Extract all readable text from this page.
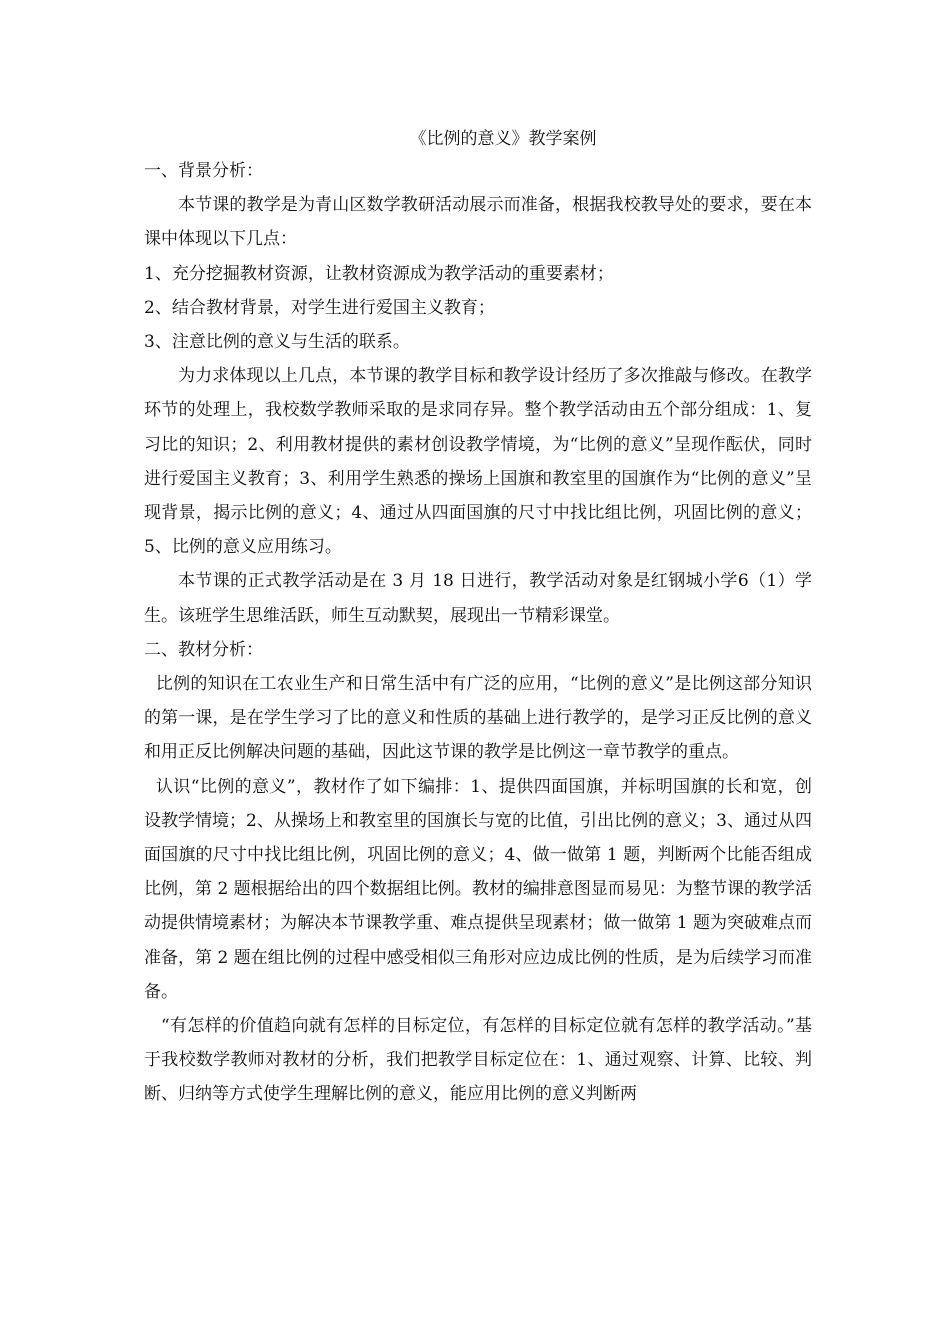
《比例的意义》教学案例

一、背景分析：

本节课的教学是为青山区数学教研活动展示而准备，根据我校教导处的要求，要在本课中体现以下几点：

1、充分挖掘教材资源，让教材资源成为教学活动的重要素材；

2、结合教材背景，对学生进行爱国主义教育；

3、注意比例的意义与生活的联系。

为力求体现以上几点，本节课的教学目标和教学设计经历了多次推敲与修改。在教学环节的处理上，我校数学教师采取的是求同存异。整个教学活动由五个部分组成：1、复习比的知识；2、利用教材提供的素材创设教学情境，为“比例的意义”呈现作酝伏，同时进行爱国主义教育；3、利用学生熟悉的操场上国旗和教室里的国旗作为“比例的意义”呈现背景，揭示比例的意义；4、通过从四面国旗的尺寸中找比组比例，巩固比例的意义；5、比例的意义应用练习。

本节课的正式教学活动是在 3 月 18 日进行，教学活动对象是红钢城小学6（1）学生。该班学生思维活跃，师生互动默契，展现出一节精彩课堂。

二、教材分析：

比例的知识在工农业生产和日常生活中有广泛的应用，“比例的意义”是比例这部分知识的第一课，是在学生学习了比的意义和性质的基础上进行教学的，是学习正反比例的意义和用正反比例解决问题的基础，因此这节课的教学是比例这一章节教学的重点。

认识“比例的意义”，教材作了如下编排：1、提供四面国旗，并标明国旗的长和宽，创设教学情境；2、从操场上和教室里的国旗长与宽的比值，引出比例的意义；3、通过从四面国旗的尺寸中找比组比例，巩固比例的意义；4、做一做第 1 题，判断两个比能否组成比例，第 2 题根据给出的四个数据组比例。教材的编排意图显而易见：为整节课的教学活动提供情境素材；为解决本节课教学重、难点提供呈现素材；做一做第 1 题为突破难点而准备，第 2 题在组比例的过程中感受相似三角形对应边成比例的性质，是为后续学习而准备。

“有怎样的价值趋向就有怎样的目标定位，有怎样的目标定位就有怎样的教学活动。”基于我校数学教师对教材的分析，我们把教学目标定位在：1、通过观察、计算、比较、判断、归纳等方式使学生理解比例的意义，能应用比例的意义判断两
